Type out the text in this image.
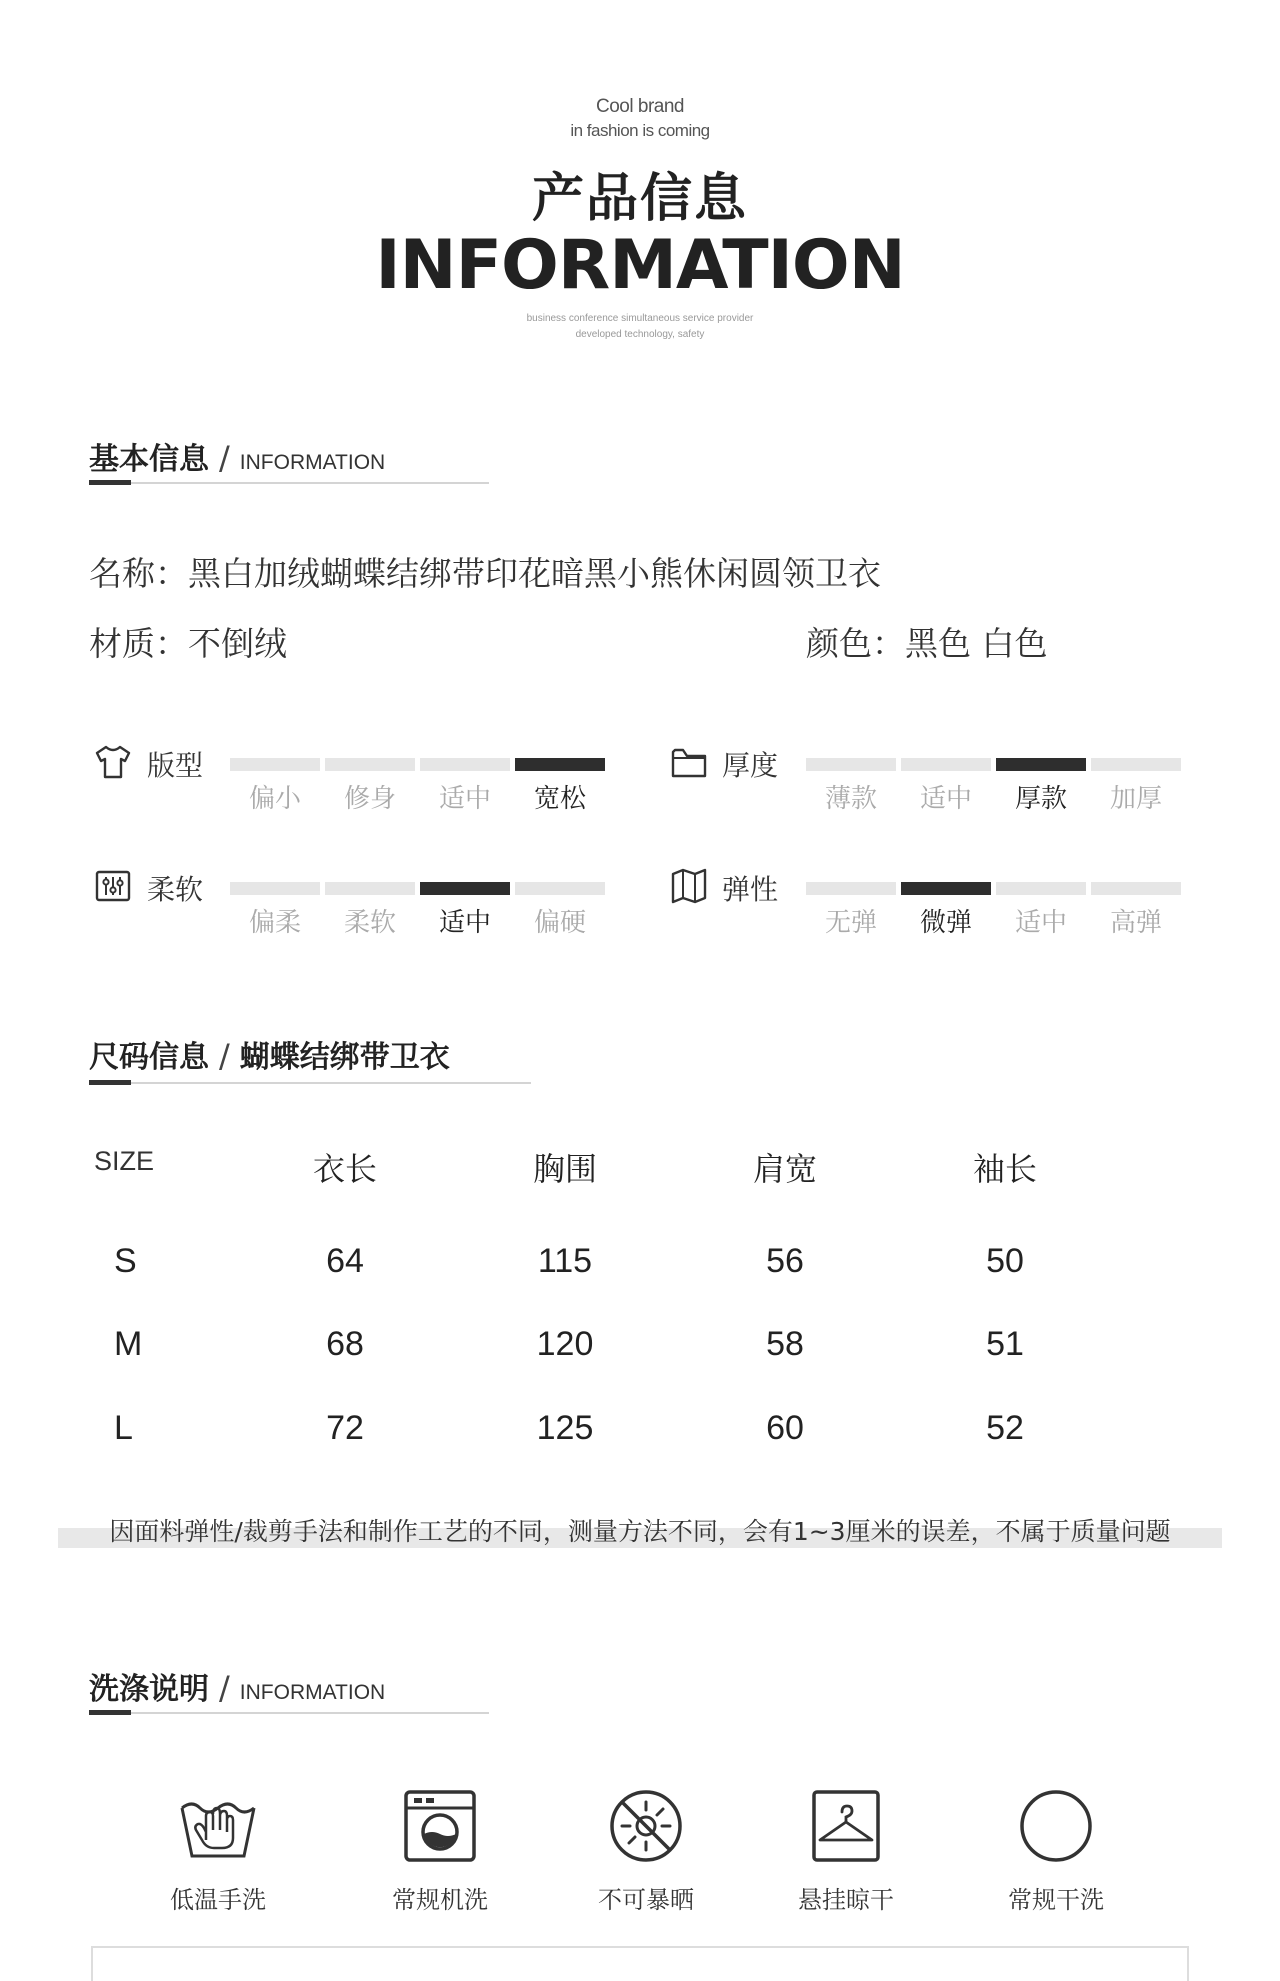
Cool brand
in fashion is coming
产品信息
INFORMATION
business conference simultaneous service provider
developed technology, safety
基本信息 / INFORMATION
名称：黑白加绒蝴蝶结绑带印花暗黑小熊休闲圆领卫衣
材质：不倒绒	颜色：黑色 白色
版型
偏小	修身	适中	宽松
厚度
薄款	适中	厚款	加厚
柔软
偏柔	柔软	适中	偏硬
弹性
无弹	微弹	适中	高弹
尺码信息 / 蝴蝶结绑带卫衣
SIZE	衣长	胸围	肩宽	袖长
S	64	115	56	50
M	68	120	58	51
L	72	125	60	52
因面料弹性/裁剪手法和制作工艺的不同，测量方法不同，会有1~3厘米的误差，不属于质量问题
洗涤说明 / INFORMATION
低温手洗	常规机洗	不可暴晒	悬挂晾干	常规干洗
